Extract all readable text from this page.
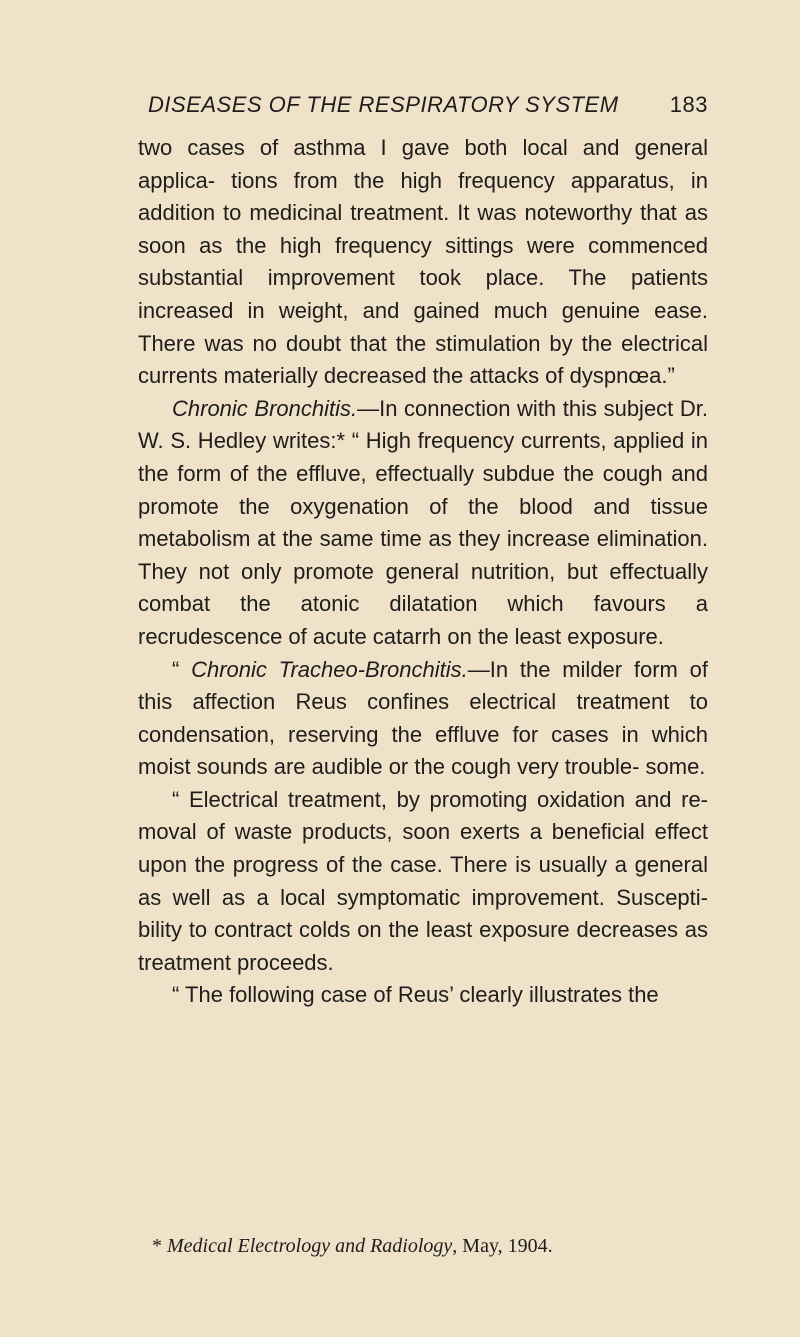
DISEASES OF THE RESPIRATORY SYSTEM 183

two cases of asthma I gave both local and general applica- tions from the high frequency apparatus, in addition to medicinal treatment. It was noteworthy that as soon as the high frequency sittings were commenced substantial improvement took place. The patients increased in weight, and gained much genuine ease. There was no doubt that the stimulation by the electrical currents materially decreased the attacks of dyspnœa.”

Chronic Bronchitis.—In connection with this subject Dr. W. S. Hedley writes:* “ High frequency currents, applied in the form of the effluve, effectually subdue the cough and promote the oxygenation of the blood and tissue metabolism at the same time as they increase elimination. They not only promote general nutrition, but effectually combat the atonic dilatation which favours a recrudescence of acute catarrh on the least exposure.

“ Chronic Tracheo-Bronchitis.—In the milder form of this affection Reus confines electrical treatment to condensation, reserving the effluve for cases in which moist sounds are audible or the cough very trouble- some.

“ Electrical treatment, by promoting oxidation and re- moval of waste products, soon exerts a beneficial effect upon the progress of the case. There is usually a general as well as a local symptomatic improvement. Suscepti- bility to contract colds on the least exposure decreases as treatment proceeds.

“ The following case of Reus’ clearly illustrates the

* Medical Electrology and Radiology, May, 1904.
